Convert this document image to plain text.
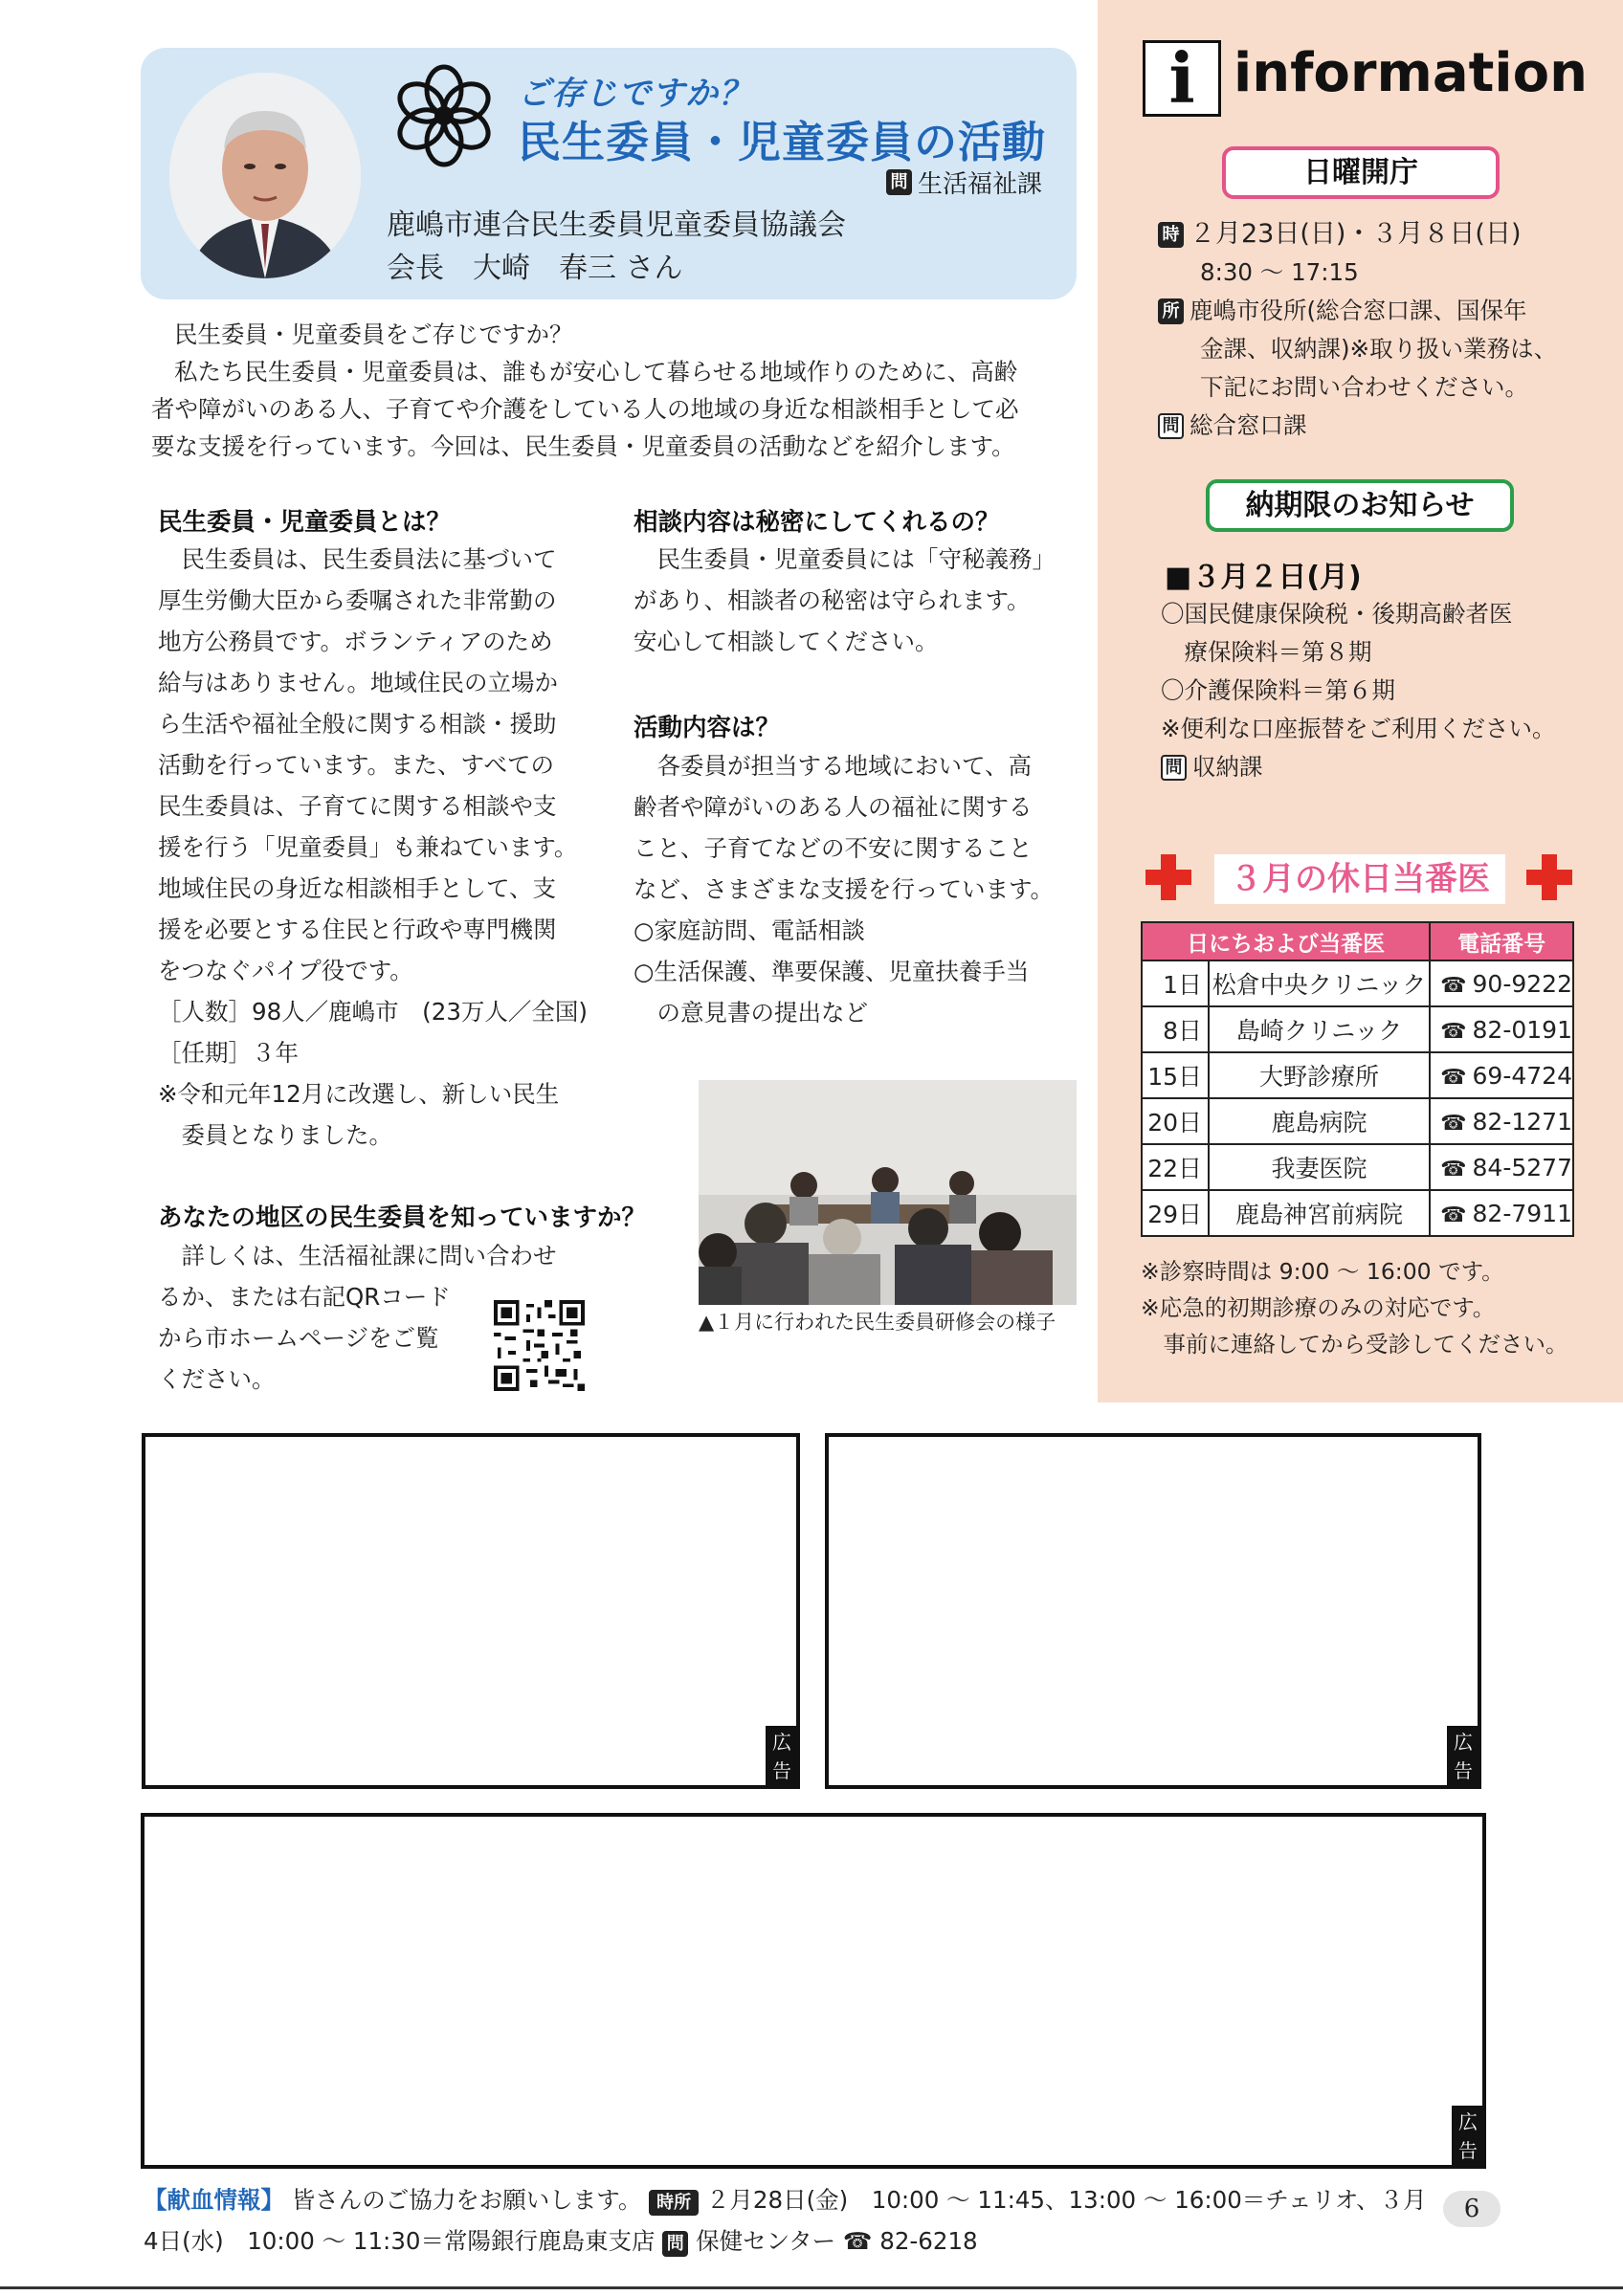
ご存じですか？
民生委員・児童委員の活動
問 生活福祉課
鹿嶋市連合民生委員児童委員協議会
会長　大崎　春三 さん

民生委員・児童委員をご存じですか？

私たち民生委員・児童委員は、誰もが安心して暮らせる地域作りのために、高齢

者や障がいのある人、子育てや介護をしている人の地域の身近な相談相手として必

要な支援を行っています。今回は、民生委員・児童委員の活動などを紹介します。

民生委員・児童委員とは？

　民生委員は、民生委員法に基づいて

厚生労働大臣から委嘱された非常勤の

地方公務員です。ボランティアのため

給与はありません。地域住民の立場か

ら生活や福祉全般に関する相談・援助

活動を行っています。また、すべての

民生委員は、子育てに関する相談や支

援を行う「児童委員」も兼ねています。

地域住民の身近な相談相手として、支

援を必要とする住民と行政や専門機関

をつなぐパイプ役です。

［人数］98人／鹿嶋市　(23万人／全国)

［任期］３年

※令和元年12月に改選し、新しい民生

　委員となりました。

相談内容は秘密にしてくれるの？

　民生委員・児童委員には「守秘義務」

があり、相談者の秘密は守られます。

安心して相談してください。

活動内容は？

　各委員が担当する地域において、高

齢者や障がいのある人の福祉に関する

こと、子育てなどの不安に関すること

など、さまざまな支援を行っています。

○家庭訪問、電話相談

○生活保護、準要保護、児童扶養手当

　の意見書の提出など

▲１月に行われた民生委員研修会の様子
あなたの地区の民生委員を知っていますか？

　詳しくは、生活福祉課に問い合わせ

るか、または右記QRコード

から市ホームページをご覧

ください。

i information
日曜開庁
時 ２月23日(日)・３月８日(日)
8:30 ～ 17:15
所 鹿嶋市役所(総合窓口課、国保年
金課、収納課)※取り扱い業務は、
下記にお問い合わせください。
問 総合窓口課
納期限のお知らせ
■３月２日(月)
〇国民健康保険税・後期高齢者医
　療保険料＝第８期
〇介護保険料＝第６期
※便利な口座振替をご利用ください。
問 収納課
３月の休日当番医
日にちおよび当番医		電話番号
1日	松倉中央クリニック	☎ 90-9222
8日	島崎クリニック	☎ 82-0191
15日	大野診療所	☎ 69-4724
20日	鹿島病院	☎ 82-1271
22日	我妻医院	☎ 84-5277
29日	鹿島神宮前病院	☎ 82-7911
※診察時間は 9:00 ～ 16:00 です。
※応急的初期診療のみの対応です。
　事前に連絡してから受診してください。
広告
広告
広告
【献血情報】 皆さんのご協力をお願いします。 時所 ２月28日(金)　10:00 ～ 11:45、13:00 ～ 16:00＝チェリオ、３月
4日(水)　10:00 ～ 11:30＝常陽銀行鹿島東支店 問 保健センター ☎ 82-6218
6
